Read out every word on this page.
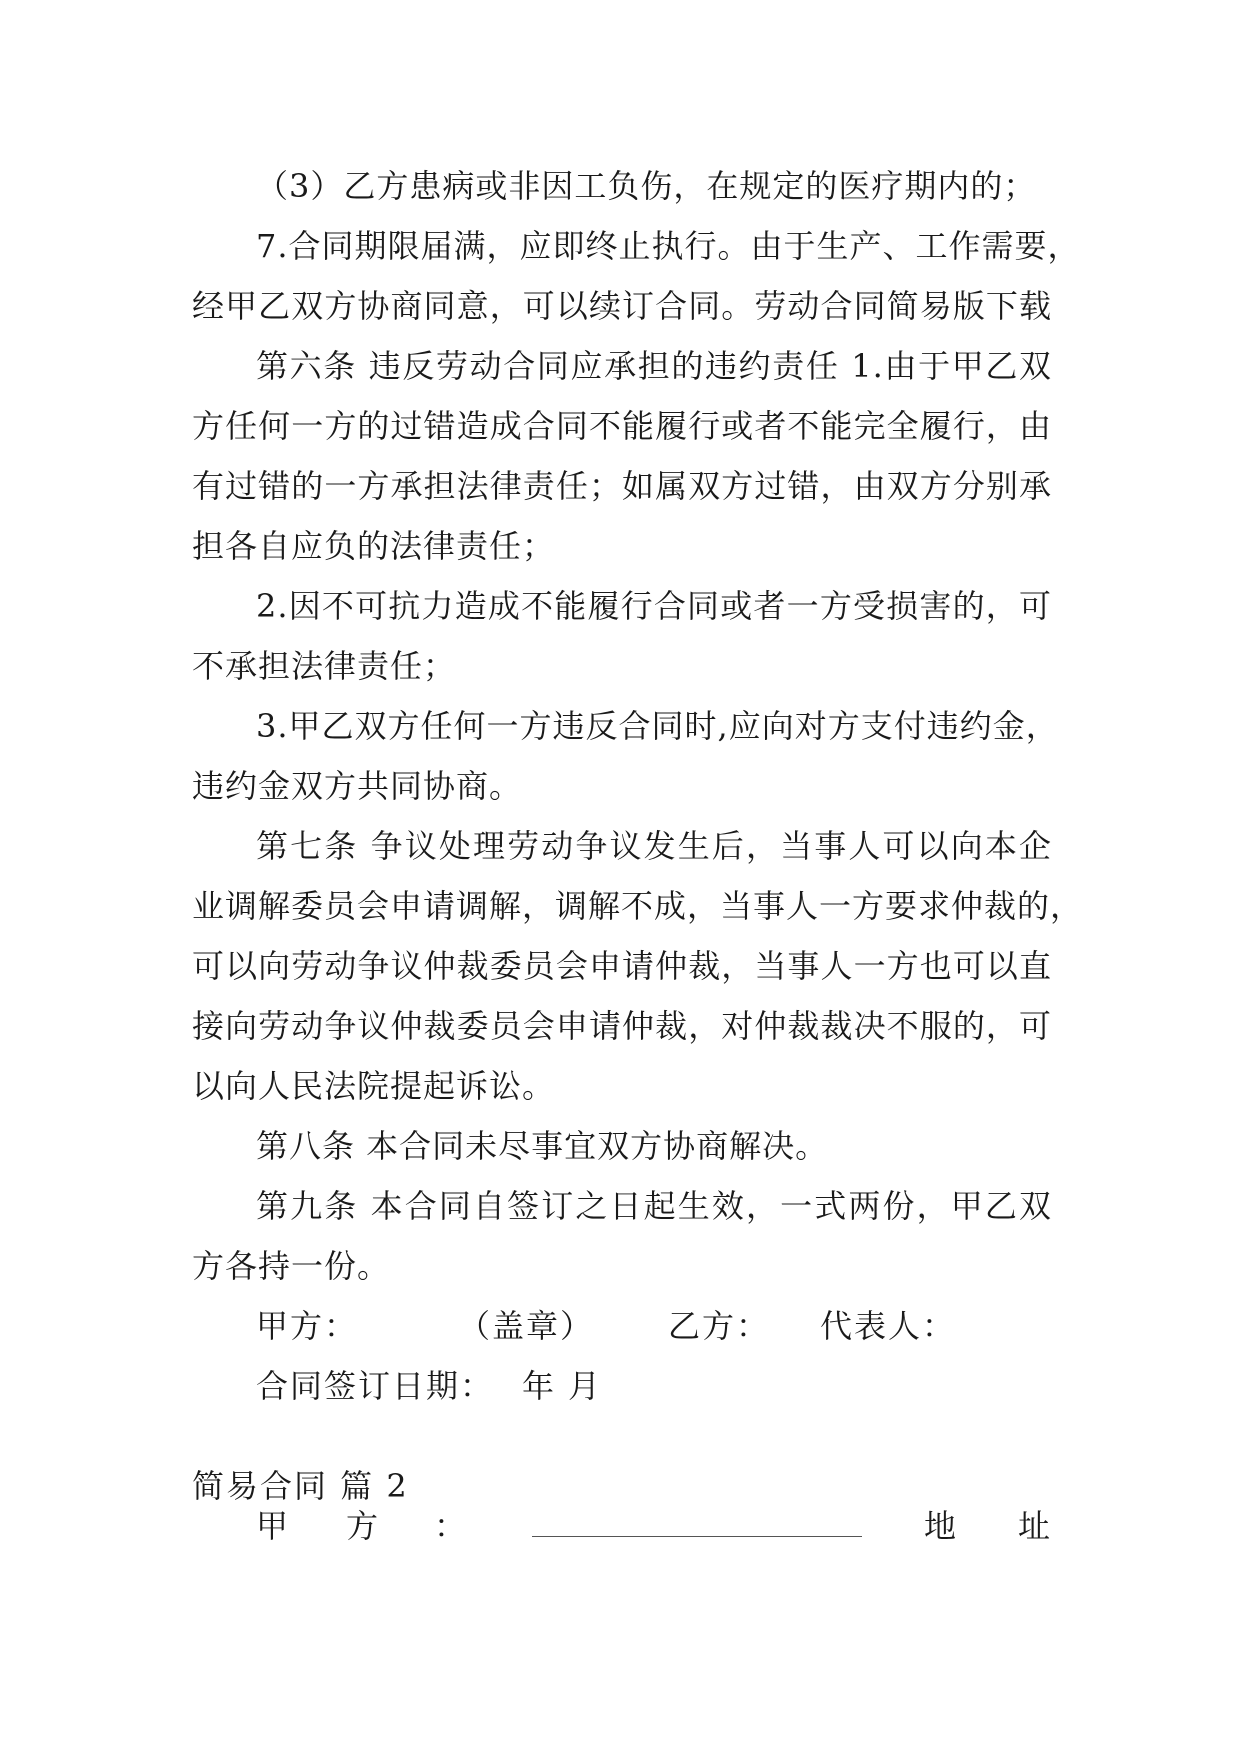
（3）乙方患病或非因工负伤，在规定的医疗期内的；
7.合同期限届满，应即终止执行。由于生产、工作需要，
经甲乙双方协商同意，可以续订合同。劳动合同简易版下载
第六条 违反劳动合同应承担的违约责任 1.由于甲乙双
方任何一方的过错造成合同不能履行或者不能完全履行，由
有过错的一方承担法律责任；如属双方过错，由双方分别承
担各自应负的法律责任；
2.因不可抗力造成不能履行合同或者一方受损害的，可
不承担法律责任；
3.甲乙双方任何一方违反合同时,应向对方支付违约金，
违约金双方共同协商。
第七条 争议处理劳动争议发生后，当事人可以向本企
业调解委员会申请调解，调解不成，当事人一方要求仲裁的，
可以向劳动争议仲裁委员会申请仲裁，当事人一方也可以直
接向劳动争议仲裁委员会申请仲裁，对仲裁裁决不服的，可
以向人民法院提起诉讼。
第八条 本合同未尽事宜双方协商解决。
第九条 本合同自签订之日起生效，一式两份，甲乙双
方各持一份。
甲方：	（盖章） 乙方： 代表人：
合同签订日期： 年 月
简易合同 篇 2
甲 方 ：	地 址
